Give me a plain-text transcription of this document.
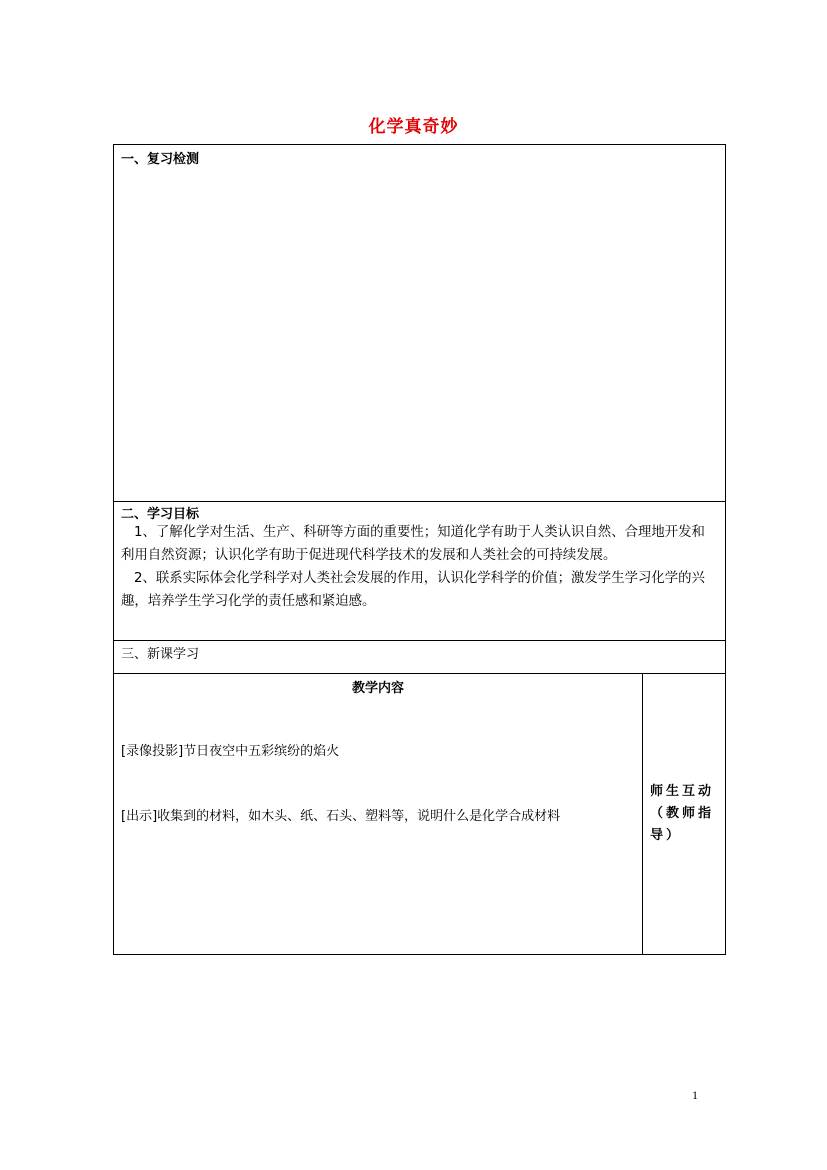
化学真奇妙
一、复习检测
二、学习目标
1、了解化学对生活、生产、科研等方面的重要性；知道化学有助于人类认识自然、合理地开发和利用自然资源；认识化学有助于促进现代科学技术的发展和人类社会的可持续发展。
2、联系实际体会化学科学对人类社会发展的作用，认识化学科学的价值；激发学生学习化学的兴趣，培养学生学习化学的责任感和紧迫感。
三、新课学习
教学内容
[录像投影]节日夜空中五彩缤纷的焰火
[出示]收集到的材料，如木头、纸、石头、塑料等，说明什么是化学合成材料
师生互动（教师指导）
1
